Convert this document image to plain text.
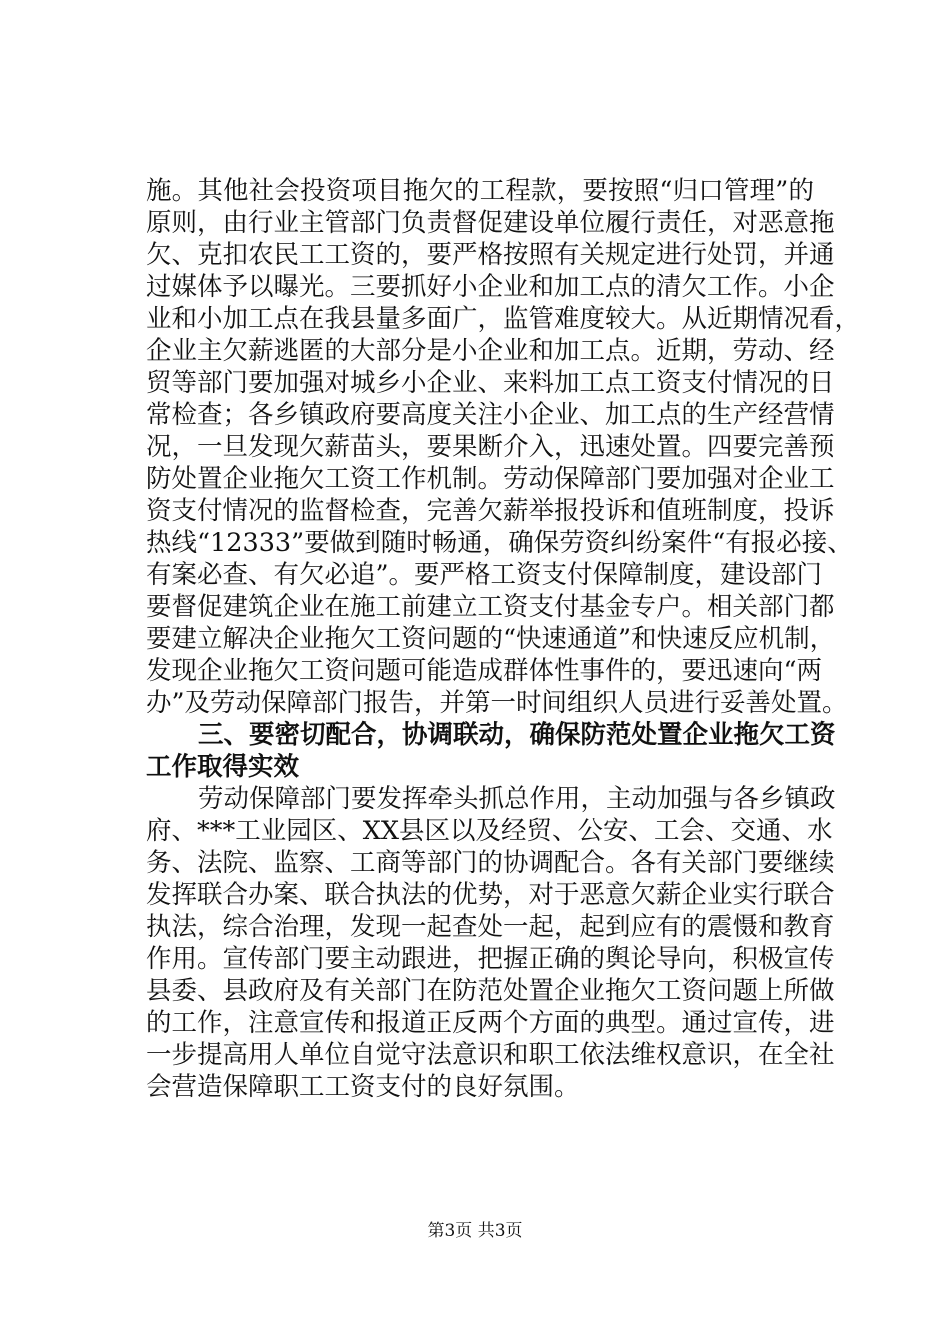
施。其他社会投资项目拖欠的工程款，要按照“归口管理”的
原则，由行业主管部门负责督促建设单位履行责任，对恶意拖
欠、克扣农民工工资的，要严格按照有关规定进行处罚，并通
过媒体予以曝光。三要抓好小企业和加工点的清欠工作。小企
业和小加工点在我县量多面广，监管难度较大。从近期情况看，
企业主欠薪逃匿的大部分是小企业和加工点。近期，劳动、经
贸等部门要加强对城乡小企业、来料加工点工资支付情况的日
常检查；各乡镇政府要高度关注小企业、加工点的生产经营情
况，一旦发现欠薪苗头，要果断介入，迅速处置。四要完善预
防处置企业拖欠工资工作机制。劳动保障部门要加强对企业工
资支付情况的监督检查，完善欠薪举报投诉和值班制度，投诉
热线“12333”要做到随时畅通，确保劳资纠纷案件“有报必接、
有案必查、有欠必追”。要严格工资支付保障制度，建设部门
要督促建筑企业在施工前建立工资支付基金专户。相关部门都
要建立解决企业拖欠工资问题的“快速通道”和快速反应机制，
发现企业拖欠工资问题可能造成群体性事件的，要迅速向“两
办”及劳动保障部门报告，并第一时间组织人员进行妥善处置。
三、要密切配合，协调联动，确保防范处置企业拖欠工资
工作取得实效
劳动保障部门要发挥牵头抓总作用，主动加强与各乡镇政
府、***工业园区、XX县区以及经贸、公安、工会、交通、水
务、法院、监察、工商等部门的协调配合。各有关部门要继续
发挥联合办案、联合执法的优势，对于恶意欠薪企业实行联合
执法，综合治理，发现一起查处一起，起到应有的震慑和教育
作用。宣传部门要主动跟进，把握正确的舆论导向，积极宣传
县委、县政府及有关部门在防范处置企业拖欠工资问题上所做
的工作，注意宣传和报道正反两个方面的典型。通过宣传，进
一步提高用人单位自觉守法意识和职工依法维权意识，在全社
会营造保障职工工资支付的良好氛围。
第3页 共3页
